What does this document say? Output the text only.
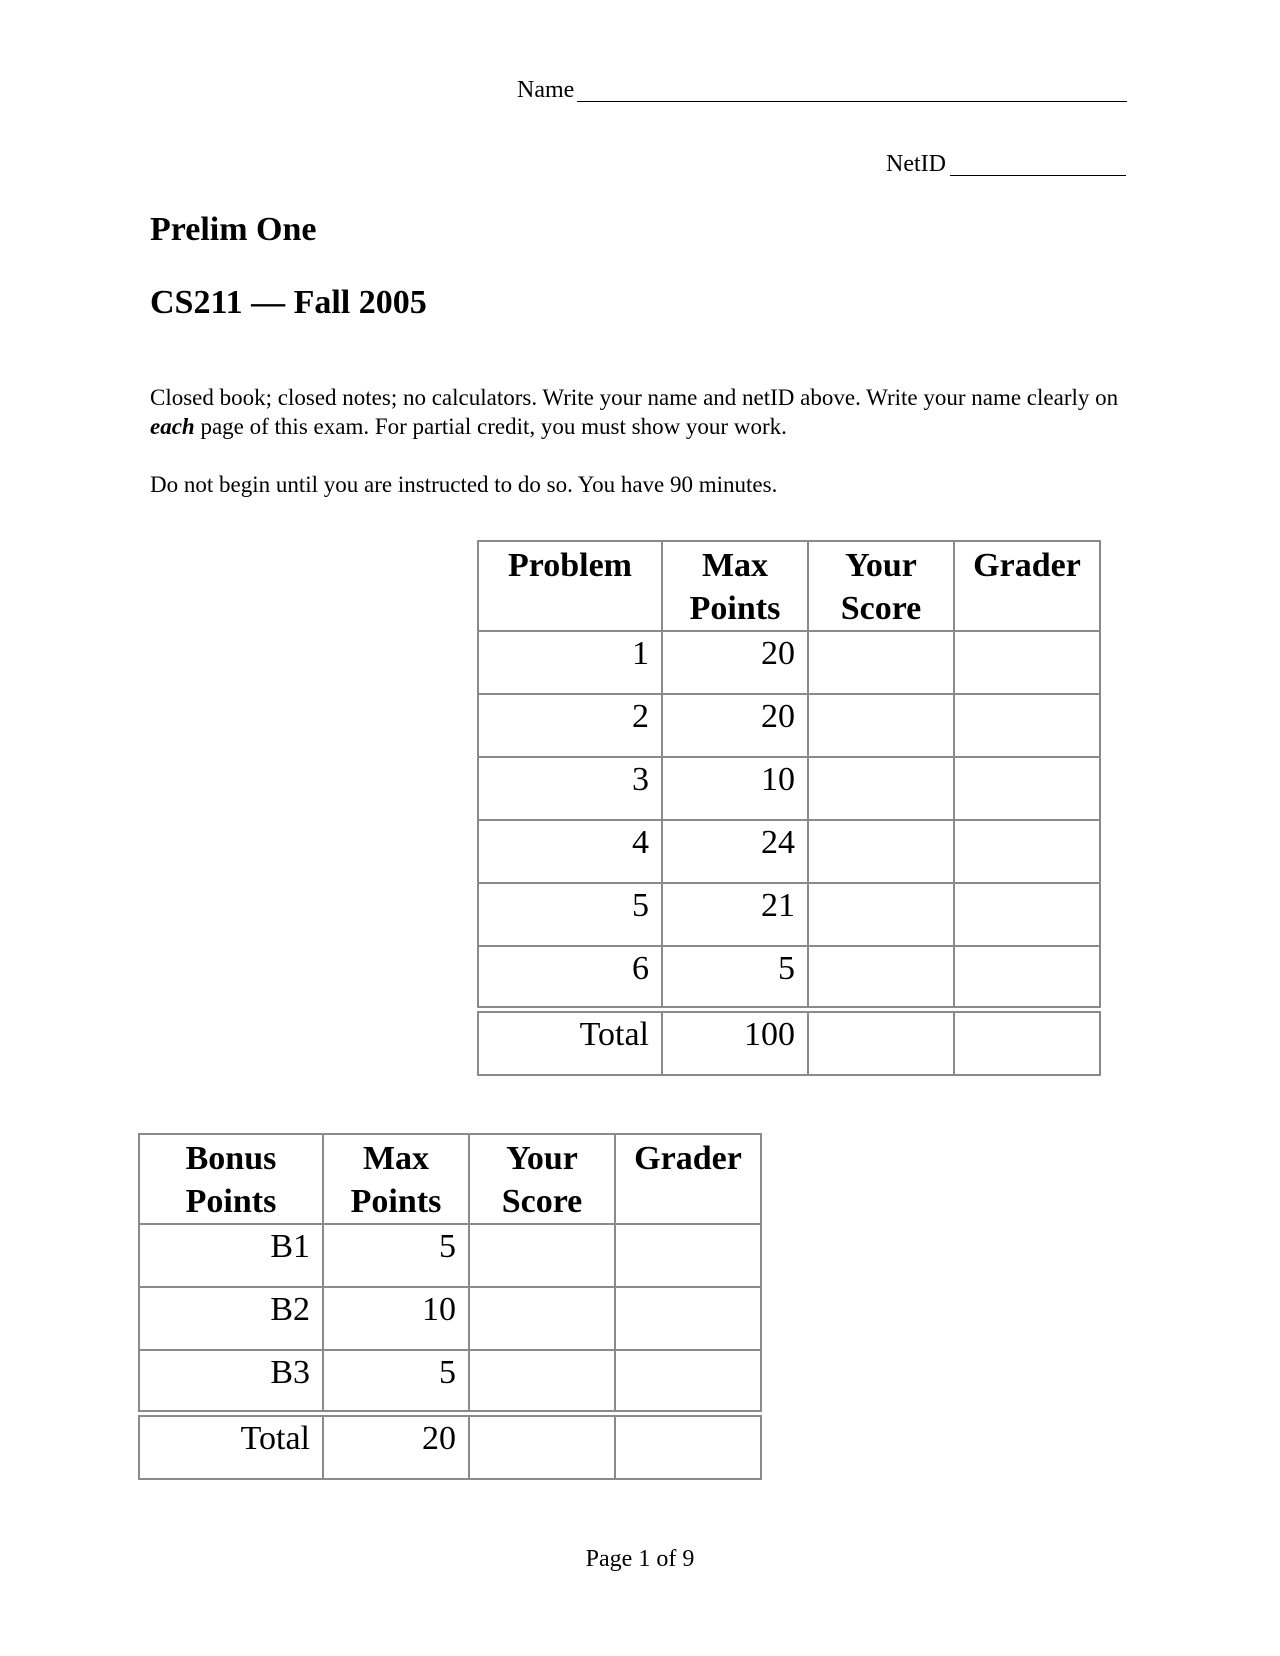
Name
NetID
Prelim One
CS211 — Fall 2005
Closed book; closed notes; no calculators. Write your name and netID above. Write your name clearly on each page of this exam. For partial credit, you must show your work.
Do not begin until you are instructed to do so. You have 90 minutes.
Problem	Max Points	Your Score	Grader
1	20		
2	20		
3	10		
4	24		
5	21		
6	5		
Total	100		
Bonus Points	Max Points	Your Score	Grader
B1	5		
B2	10		
B3	5		
Total	20		
Page 1 of 9
